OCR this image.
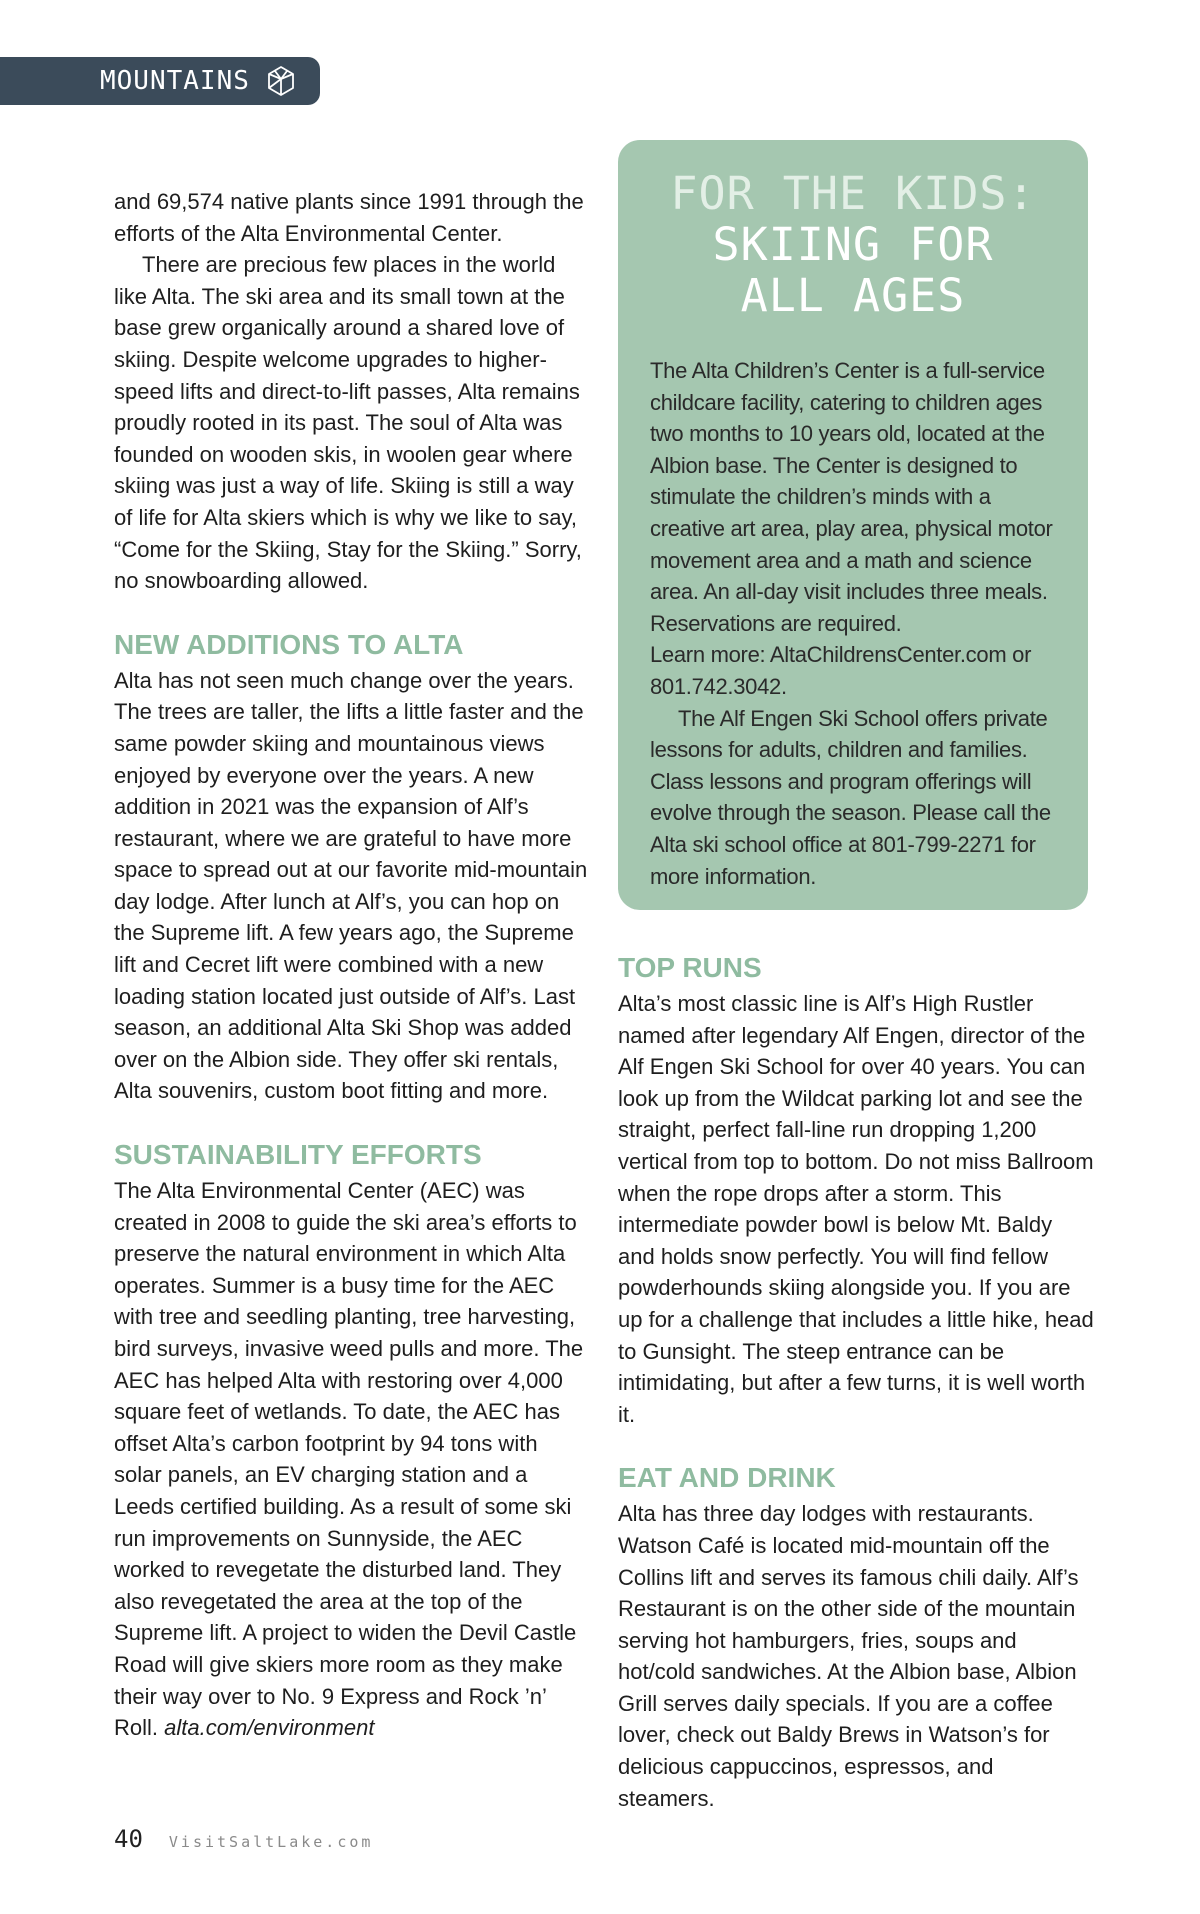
MOUNTAINS

and 69,574 native plants since 1991 through the efforts of the Alta Environmental Center.

There are precious few places in the world like Alta. The ski area and its small town at the base grew organically around a shared love of skiing. Despite welcome upgrades to higher-speed lifts and direct-to-lift passes, Alta remains proudly rooted in its past. The soul of Alta was founded on wooden skis, in woolen gear where skiing was just a way of life. Skiing is still a way of life for Alta skiers which is why we like to say, “Come for the Skiing, Stay for the Skiing.” Sorry, no snowboarding allowed.

NEW ADDITIONS TO ALTA

Alta has not seen much change over the years. The trees are taller, the lifts a little faster and the same powder skiing and mountainous views enjoyed by everyone over the years. A new addition in 2021 was the expansion of Alf’s restaurant, where we are grateful to have more space to spread out at our favorite mid-mountain day lodge. After lunch at Alf’s, you can hop on the Supreme lift. A few years ago, the Supreme lift and Cecret lift were combined with a new loading station located just outside of Alf’s. Last season, an additional Alta Ski Shop was added over on the Albion side. They offer ski rentals, Alta souvenirs, custom boot fitting and more.

SUSTAINABILITY EFFORTS

The Alta Environmental Center (AEC) was created in 2008 to guide the ski area’s efforts to preserve the natural environment in which Alta operates. Summer is a busy time for the AEC with tree and seedling planting, tree harvesting, bird surveys, invasive weed pulls and more. The AEC has helped Alta with restoring over 4,000 square feet of wetlands. To date, the AEC has offset Alta’s carbon footprint by 94 tons with solar panels, an EV charging station and a Leeds certified building. As a result of some ski run improvements on Sunnyside, the AEC worked to revegetate the disturbed land. They also revegetated the area at the top of the Supreme lift. A project to widen the Devil Castle Road will give skiers more room as they make their way over to No. 9 Express and Rock ’n’ Roll. alta.com/environment

FOR THE KIDS:
SKIING FOR
ALL AGES

The Alta Children’s Center is a full-service childcare facility, catering to children ages two months to 10 years old, located at the Albion base. The Center is designed to stimulate the children’s minds with a creative art area, play area, physical motor movement area and a math and science area. An all-day visit includes three meals. Reservations are required.

Learn more: AltaChildrensCenter.com or 801.742.3042.

The Alf Engen Ski School offers private lessons for adults, children and families. Class lessons and program offerings will evolve through the season. Please call the Alta ski school office at 801-799-2271 for more information.

TOP RUNS

Alta’s most classic line is Alf’s High Rustler named after legendary Alf Engen, director of the Alf Engen Ski School for over 40 years. You can look up from the Wildcat parking lot and see the straight, perfect fall-line run dropping 1,200 vertical from top to bottom. Do not miss Ballroom when the rope drops after a storm. This intermediate powder bowl is below Mt. Baldy and holds snow perfectly. You will find fellow powderhounds skiing alongside you. If you are up for a challenge that includes a little hike, head to Gunsight. The steep entrance can be intimidating, but after a few turns, it is well worth it.

EAT AND DRINK

Alta has three day lodges with restaurants. Watson Café is located mid-mountain off the Collins lift and serves its famous chili daily. Alf’s Restaurant is on the other side of the mountain serving hot hamburgers, fries, soups and hot/cold sandwiches. At the Albion base, Albion Grill serves daily specials. If you are a coffee lover, check out Baldy Brews in Watson’s for delicious cappuccinos, espressos, and steamers.

40 VisitSaltLake.com
